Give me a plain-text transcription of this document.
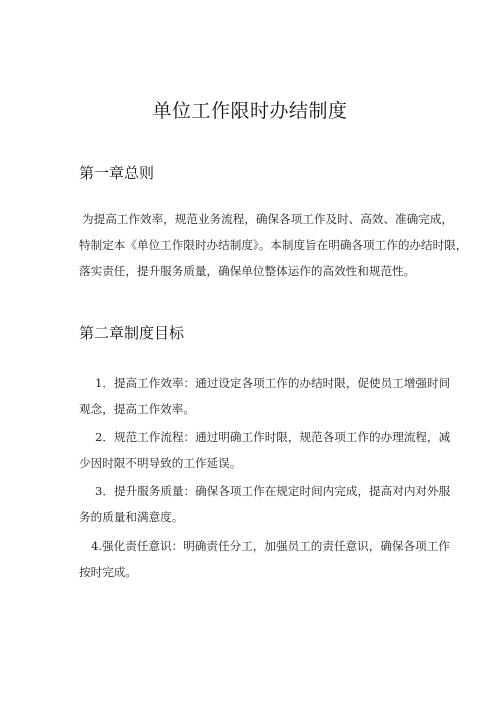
单位工作限时办结制度
第一章总则
为提高工作效率，规范业务流程，确保各项工作及时、高效、准确完成，
特制定本《单位工作限时办结制度》。本制度旨在明确各项工作的办结时限，
落实责任，提升服务质量，确保单位整体运作的高效性和规范性。
第二章制度目标
1．提高工作效率：通过设定各项工作的办结时限，促使员工增强时间
观念，提高工作效率。
2．规范工作流程：通过明确工作时限，规范各项工作的办理流程，减
少因时限不明导致的工作延误。
3．提升服务质量：确保各项工作在规定时间内完成，提高对内对外服
务的质量和满意度。
4.强化责任意识：明确责任分工，加强员工的责任意识，确保各项工作
按时完成。
